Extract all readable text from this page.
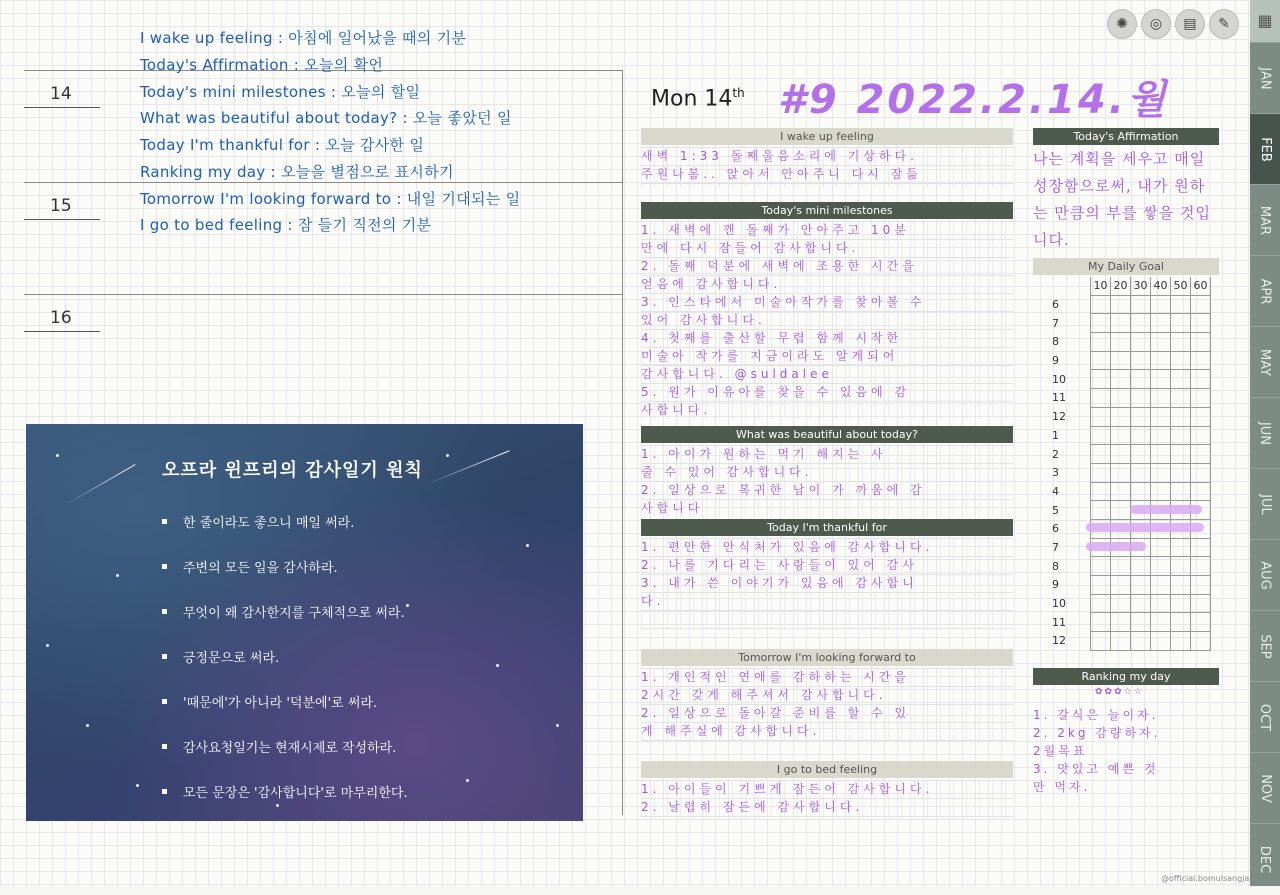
14
15
16
I wake up feeling : 아침에 일어났을 때의 기분
Today's Affirmation : 오늘의 확언
Today's mini milestones : 오늘의 할일
What was beautiful about today? : 오늘 좋았던 일
Today I'm thankful for : 오늘 감사한 일
Ranking my day : 오늘을 별점으로 표시하기
Tomorrow I'm looking forward to : 내일 기대되는 일
I go to bed feeling : 잠 들기 직전의 기분
오프라 윈프리의 감사일기 원칙
한 줄이라도 좋으니 매일 써라.
주변의 모든 일을 감사하라.
무엇이 왜 감사한지를 구체적으로 써라.
긍정문으로 써라.
'때문에'가 아니라 '덕분에'로 써라.
감사요청일기는 현재시제로 작성하라.
모든 문장은 '감사합니다'로 마무리한다.
Mon 14th #9 2022.2.14.월
I wake up feeling
새벽 1:33 돌째울음소리에 기상하다.
주원나봄.. 앉아서 안아주니 다시 잠듦
Today's mini milestones
1. 새벽에 깬 돌째가 안아주고 10분
만에 다시 잠들어 감사합니다.
2. 돌째 덕분에 새벽에 조용한 시간을
얻음에 감사합니다.
3. 인스타에서 미술아작가를 찾아볼 수
있어 감사합니다.
4. 첫째를 출산할 무렵 함께 시작한
미술아 작가를 지금이라도 알게되어
감사합니다. @suldalee
5. 원가 이유아를 찾을 수 있음에 감
사합니다.
What was beautiful about today?
1. 아이가 원하는 먹기 해지는 사
줄 수 있어 감사합니다.
2. 일상으로 복귀한 남이 가 까움에 감
사합니다
Today I'm thankful for
1. 편안한 안식처가 있음에 감사합니다.
2. 나를 기다리는 사랑들이 있어 감사
3. 내가 쓴 이야기가 있음에 감사합니
다.
Tomorrow I'm looking forward to
1. 개인적인 연애를 감하하는 시간을
2시간 갖게 해주셔서 감사합니다.
2. 일상으로 돌아갈 준비를 할 수 있
게 해주실에 감사합니다.
I go to bed feeling
1. 아이들이 기쁘게 잠든어 감사합니다.
2. 날렵히 잠든에 감사합니다.
Today's Affirmation
나는 계획을 세우고 매일 성장함으로써, 내가 원하는 만큼의 부를 쌓을 것입니다.
My Daily Goal
	10	20	30	40	50	60
6						
7						
8						
9						
10						
11						
12						
1						
2						
3						
4						
5						
6						
7						
8						
9						
10						
11						
12						
Ranking my day
✿✿✿☆☆
1. 갈식은 늘이자.
2. 2kg 감량하자.
2월목표
3. 맛있고 예쁜 것
만 먹자.
✺	◎	▤	✎	▦
JAN
FEB
MAR
APR
MAY
JUN
JUL
AUG
SEP
OCT
NOV
DEC
@official.bomulsangja
